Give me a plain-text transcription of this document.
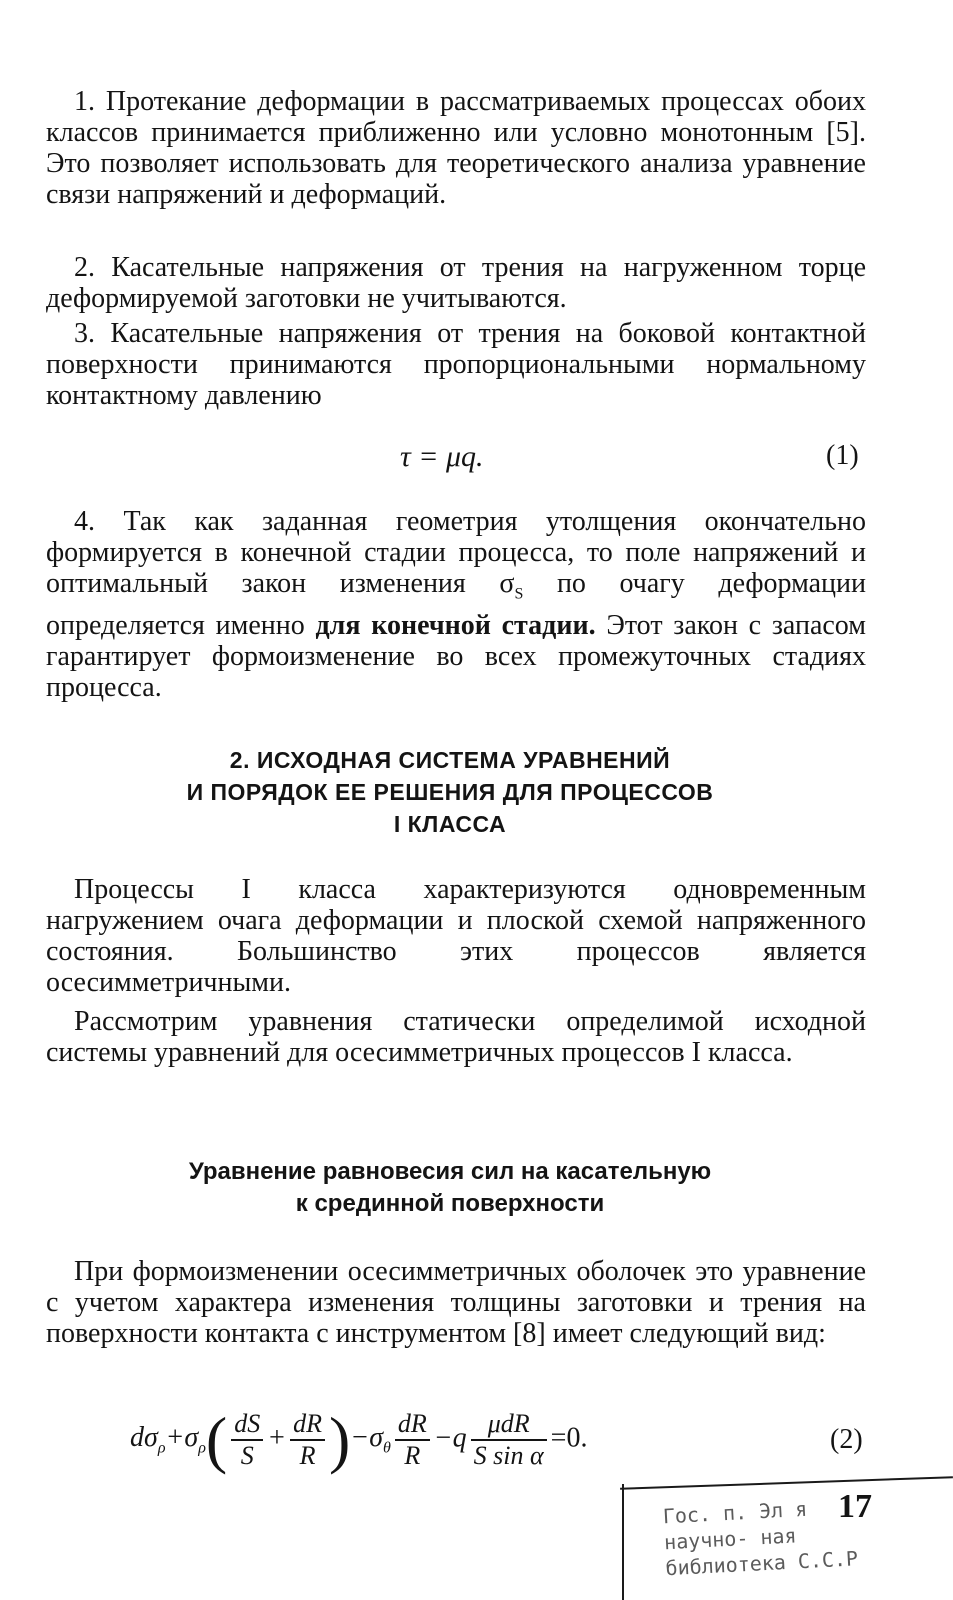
1. Протекание деформации в рассматриваемых процессах обоих классов принимается приближенно или условно монотонным [5]. Это позволяет использовать для теоретического анализа уравнение связи напряжений и деформаций.

2. Касательные напряжения от трения на нагруженном торце деформируемой заготовки не учитываются.

3. Касательные напряжения от трения на боковой контактной поверхности принимаются пропорциональными нормальному контактному давлению

τ = μq.	(1)

4. Так как заданная геометрия утолщения окончательно формируется в конечной стадии процесса, то поле напряжений и оптимальный закон изменения $\sigma_S$ по очагу деформации определяется именно для конечной стадии. Этот закон с запасом гарантирует формоизменение во всех промежуточных стадиях процесса.

2. ИСХОДНАЯ СИСТЕМА УРАВНЕНИЙ
И ПОРЯДОК ЕЕ РЕШЕНИЯ ДЛЯ ПРОЦЕССОВ
I КЛАССА

Процессы I класса характеризуются одновременным нагружением очага деформации и плоской схемой напряженного состояния. Большинство этих процессов является осесимметричными.

Рассмотрим уравнения статически определимой исходной системы уравнений для осесимметричных процессов I класса.

Уравнение равновесия сил на касательную
к срединной поверхности

При формоизменении осесимметричных оболочек это уравнение с учетом характера изменения толщины заготовки и трения на поверхности контакта с инструментом [8] имеет следующий вид:

$d\sigma_\rho+\sigma_\rho( \frac{dS}{S} + \frac{dR}{R} )-\sigma_\theta \frac{dR}{R} -q \frac{\text{μdR}}{\text{S sin α}} =0$.	(2)
Гос. п. Эл я
научно- ная
библиотека С.С.Р
17
